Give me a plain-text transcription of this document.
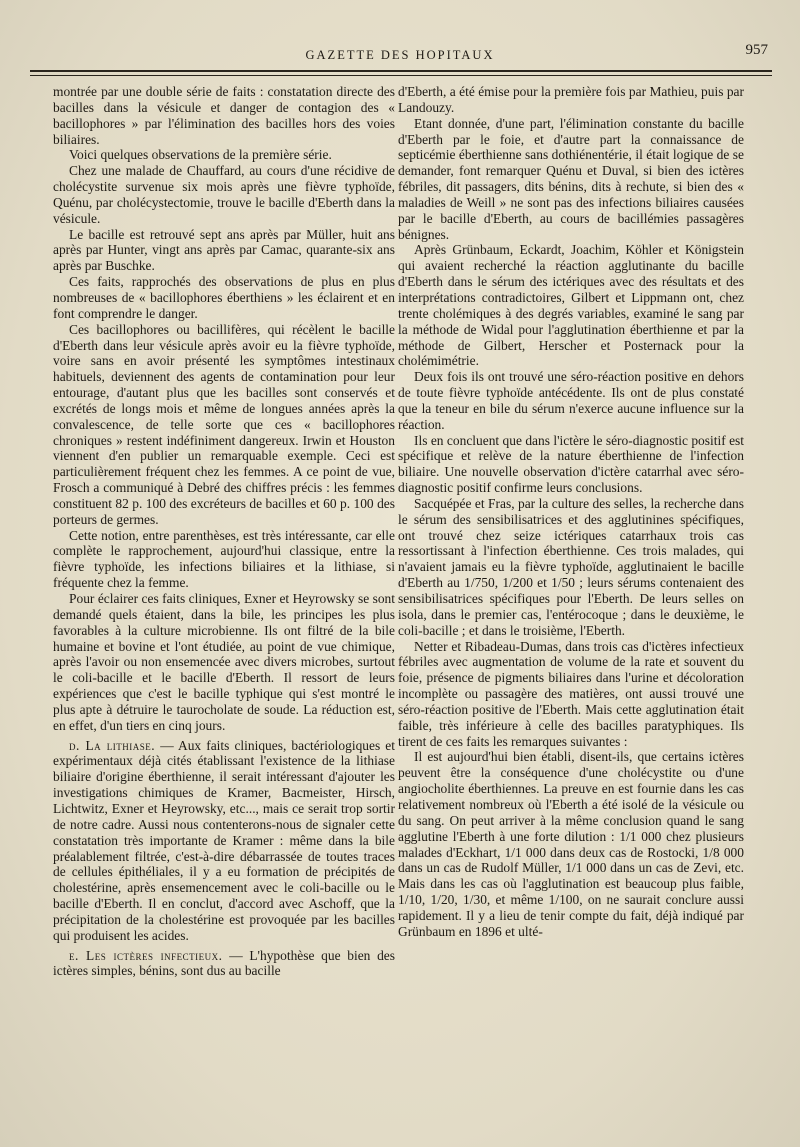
GAZETTE DES HOPITAUX	957

montrée par une double série de faits : constatation directe des bacilles dans la vésicule et danger de contagion des « bacillophores » par l'élimination des bacilles hors des voies biliaires.

Voici quelques observations de la première série.

Chez une malade de Chauffard, au cours d'une récidive de cholécystite survenue six mois après une fièvre typhoïde, Quénu, par cholécystectomie, trouve le bacille d'Eberth dans la vésicule.

Le bacille est retrouvé sept ans après par Müller, huit ans après par Hunter, vingt ans après par Camac, quarante-six ans après par Buschke.

Ces faits, rapprochés des observations de plus en plus nombreuses de « bacillophores éberthiens » les éclairent et en font comprendre le danger.

Ces bacillophores ou bacillifères, qui récèlent le bacille d'Eberth dans leur vésicule après avoir eu la fièvre typhoïde, voire sans en avoir présenté les symptômes intestinaux habituels, deviennent des agents de contamination pour leur entourage, d'autant plus que les bacilles sont conservés et excrétés de longs mois et même de longues années après la convalescence, de telle sorte que ces « bacillophores chroniques » restent indéfiniment dangereux. Irwin et Houston viennent d'en publier un remarquable exemple. Ceci est particulièrement fréquent chez les femmes. A ce point de vue, Frosch a communiqué à Debré des chiffres précis : les femmes constituent 82 p. 100 des excréteurs de bacilles et 60 p. 100 des porteurs de germes.

Cette notion, entre parenthèses, est très intéressante, car elle complète le rapprochement, aujourd'hui classique, entre la fièvre typhoïde, les infections biliaires et la lithiase, si fréquente chez la femme.

Pour éclairer ces faits cliniques, Exner et Heyrowsky se sont demandé quels étaient, dans la bile, les principes les plus favorables à la culture microbienne. Ils ont filtré de la bile humaine et bovine et l'ont étudiée, au point de vue chimique, après l'avoir ou non ensemencée avec divers microbes, surtout le coli-bacille et le bacille d'Eberth. Il ressort de leurs expériences que c'est le bacille typhique qui s'est montré le plus apte à détruire le taurocholate de soude. La réduction est, en effet, d'un tiers en cinq jours.

d. La lithiase. — Aux faits cliniques, bactériologiques et expérimentaux déjà cités établissant l'existence de la lithiase biliaire d'origine éberthienne, il serait intéressant d'ajouter les investigations chimiques de Kramer, Bacmeister, Hirsch, Lichtwitz, Exner et Heyrowsky, etc..., mais ce serait trop sortir de notre cadre. Aussi nous contenterons-nous de signaler cette constatation très importante de Kramer : même dans la bile préalablement filtrée, c'est-à-dire débarrassée de toutes traces de cellules épithéliales, il y a eu formation de précipités de cholestérine, après ensemencement avec le coli-bacille ou le bacille d'Eberth. Il en conclut, d'accord avec Aschoff, que la précipitation de la cholestérine est provoquée par les bacilles qui produisent les acides.

e. Les ictères infectieux. — L'hypothèse que bien des ictères simples, bénins, sont dus au bacille

d'Eberth, a été émise pour la première fois par Mathieu, puis par Landouzy.

Etant donnée, d'une part, l'élimination constante du bacille d'Eberth par le foie, et d'autre part la connaissance de septicémie éberthienne sans dothiénentérie, il était logique de se demander, font remarquer Quénu et Duval, si bien des ictères fébriles, dit passagers, dits bénins, dits à rechute, si bien des « maladies de Weill » ne sont pas des infections biliaires causées par le bacille d'Eberth, au cours de bacillémies passagères bénignes.

Après Grünbaum, Eckardt, Joachim, Köhler et Königstein qui avaient recherché la réaction agglutinante du bacille d'Eberth dans le sérum des ictériques avec des résultats et des interprétations contradictoires, Gilbert et Lippmann ont, chez trente cholémiques à des degrés variables, examiné le sang par la méthode de Widal pour l'agglutination éberthienne et par la méthode de Gilbert, Herscher et Posternack pour la cholémimétrie.

Deux fois ils ont trouvé une séro-réaction positive en dehors de toute fièvre typhoïde antécédente. Ils ont de plus constaté que la teneur en bile du sérum n'exerce aucune influence sur la réaction.

Ils en concluent que dans l'ictère le séro-diagnostic positif est spécifique et relève de la nature éberthienne de l'infection biliaire. Une nouvelle observation d'ictère catarrhal avec séro-diagnostic positif confirme leurs conclusions.

Sacquépée et Fras, par la culture des selles, la recherche dans le sérum des sensibilisatrices et des agglutinines spécifiques, ont trouvé chez seize ictériques catarrhaux trois cas ressortissant à l'infection éberthienne. Ces trois malades, qui n'avaient jamais eu la fièvre typhoïde, agglutinaient le bacille d'Eberth au 1/750, 1/200 et 1/50 ; leurs sérums contenaient des sensibilisatrices spécifiques pour l'Eberth. De leurs selles on isola, dans le premier cas, l'entérocoque ; dans le deuxième, le coli-bacille ; et dans le troisième, l'Eberth.

Netter et Ribadeau-Dumas, dans trois cas d'ictères infectieux fébriles avec augmentation de volume de la rate et souvent du foie, présence de pigments biliaires dans l'urine et décoloration incomplète ou passagère des matières, ont aussi trouvé une séro-réaction positive de l'Eberth. Mais cette agglutination était faible, très inférieure à celle des bacilles paratyphiques. Ils tirent de ces faits les remarques suivantes :

Il est aujourd'hui bien établi, disent-ils, que certains ictères peuvent être la conséquence d'une cholécystite ou d'une angiocholite éberthiennes. La preuve en est fournie dans les cas relativement nombreux où l'Eberth a été isolé de la vésicule ou du sang. On peut arriver à la même conclusion quand le sang agglutine l'Eberth à une forte dilution : 1/1 000 chez plusieurs malades d'Eckhart, 1/1 000 dans deux cas de Rostocki, 1/8 000 dans un cas de Rudolf Müller, 1/1 000 dans un cas de Zevi, etc. Mais dans les cas où l'agglutination est beaucoup plus faible, 1/10, 1/20, 1/30, et même 1/100, on ne saurait conclure aussi rapidement. Il y a lieu de tenir compte du fait, déjà indiqué par Grünbaum en 1896 et ulté-
